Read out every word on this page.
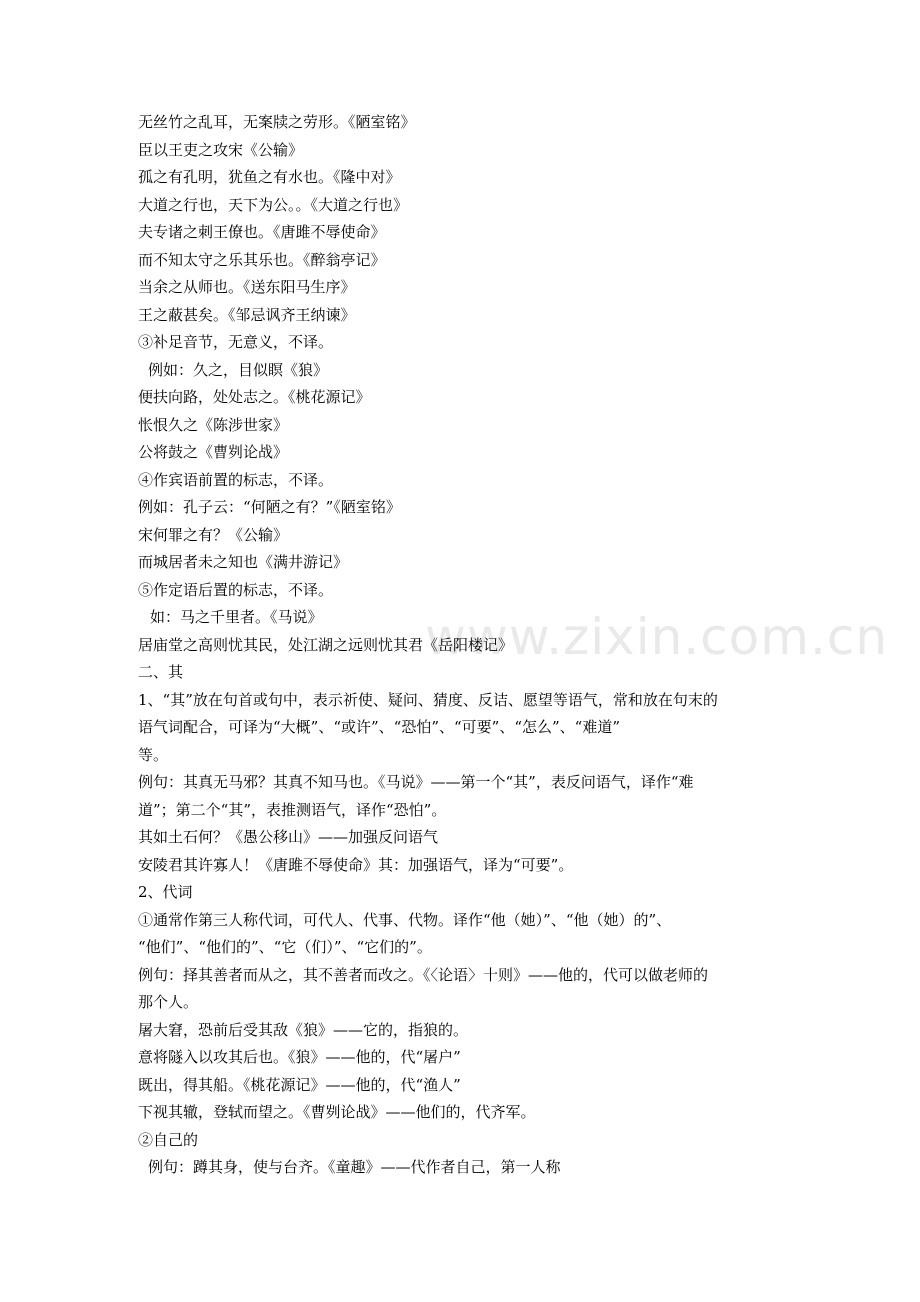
www.zixin.com.cn
无丝竹之乱耳，无案牍之劳形。《陋室铭》
臣以王吏之攻宋《公输》
孤之有孔明，犹鱼之有水也。《隆中对》
大道之行也，天下为公。。《大道之行也》
夫专诸之刺王僚也。《唐雎不辱使命》
而不知太守之乐其乐也。《醉翁亭记》
当余之从师也。《送东阳马生序》
王之蔽甚矣。《邹忌讽齐王纳谏》
③补足音节，无意义，不译。
例如：久之，目似瞑《狼》
便扶向路，处处志之。《桃花源记》
怅恨久之《陈涉世家》
公将鼓之《曹刿论战》
④作宾语前置的标志，不译。
例如：孔子云：“何陋之有？”《陋室铭》
宋何罪之有？《公输》
而城居者未之知也《满井游记》
⑤作定语后置的标志，不译。
如：马之千里者。《马说》
居庙堂之高则忧其民，处江湖之远则忧其君《岳阳楼记》
二、其
1、“其”放在句首或句中，表示祈使、疑问、猜度、反诘、愿望等语气，常和放在句末的
语气词配合，可译为“大概”、“或许”、“恐怕”、“可要”、“怎么”、“难道”
等。
例句：其真无马邪？其真不知马也。《马说》——第一个“其”，表反问语气，译作“难
道”；第二个“其”，表推测语气，译作“恐怕”。
其如土石何？《愚公移山》——加强反问语气
安陵君其许寡人！《唐雎不辱使命》其：加强语气，译为“可要”。
2、代词
①通常作第三人称代词，可代人、代事、代物。译作“他（她）”、“他（她）的”、
“他们”、“他们的”、“它（们）”、“它们的”。
例句：择其善者而从之，其不善者而改之。《〈论语〉十则》——他的，代可以做老师的
那个人。
屠大窘，恐前后受其敌《狼》——它的，指狼的。
意将隧入以攻其后也。《狼》——他的，代“屠户”
既出，得其船。《桃花源记》——他的，代“渔人”
下视其辙，登轼而望之。《曹刿论战》——他们的，代齐军。
②自己的
例句：蹲其身，使与台齐。《童趣》——代作者自己，第一人称
